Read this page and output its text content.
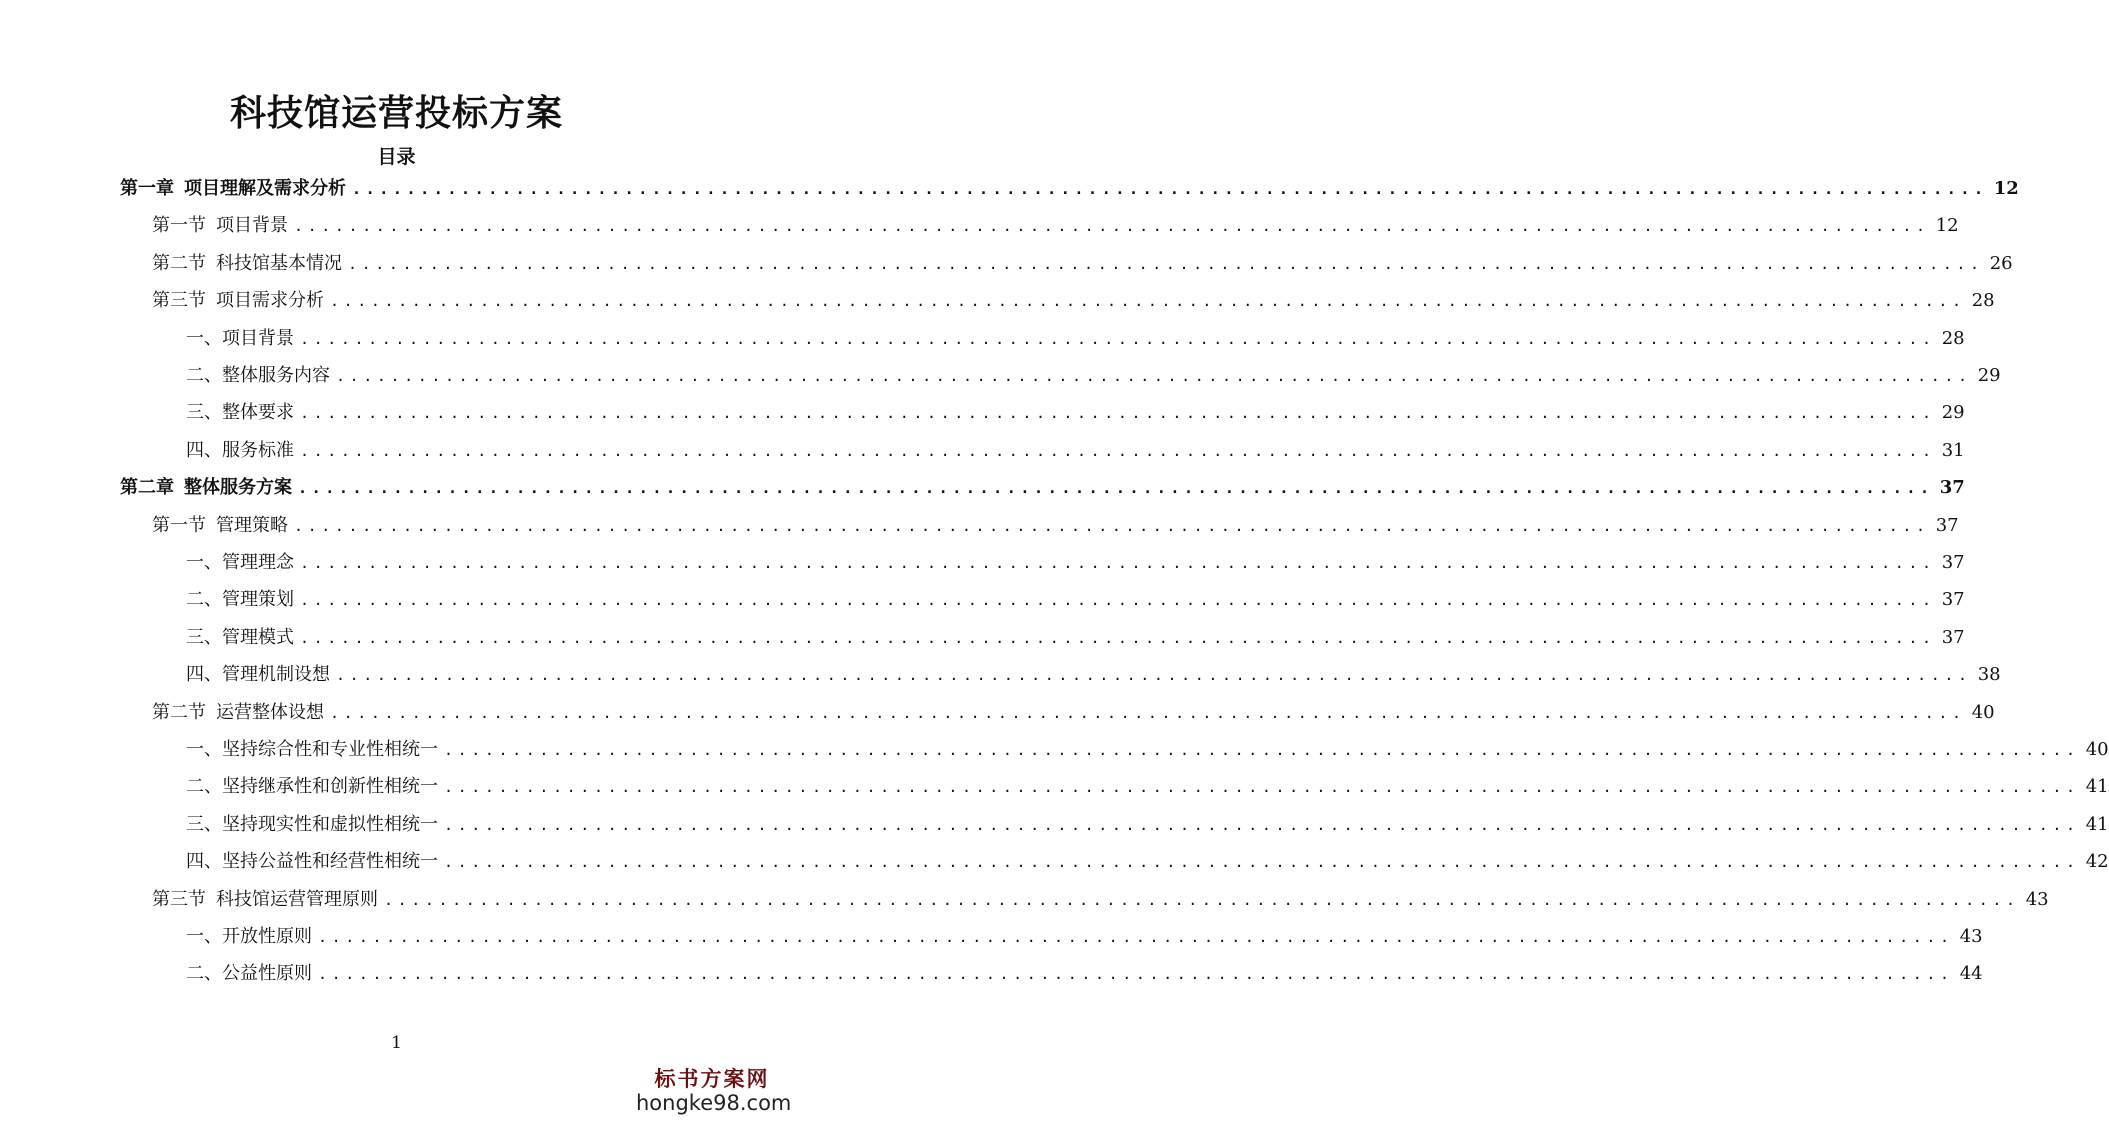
科技馆运营投标方案
目录
第一章 项目理解及需求分析 ........................................................................................................................ 12
第一节 项目背景 ........................................................................................................................ 12
第二节 科技馆基本情况 ........................................................................................................................ 26
第三节 项目需求分析 ........................................................................................................................ 28
一、项目背景 ........................................................................................................................ 28
二、整体服务内容 ........................................................................................................................ 29
三、整体要求 ........................................................................................................................ 29
四、服务标准 ........................................................................................................................ 31
第二章 整体服务方案 ........................................................................................................................ 37
第一节 管理策略 ........................................................................................................................ 37
一、管理理念 ........................................................................................................................ 37
二、管理策划 ........................................................................................................................ 37
三、管理模式 ........................................................................................................................ 37
四、管理机制设想 ........................................................................................................................ 38
第二节 运营整体设想 ........................................................................................................................ 40
一、坚持综合性和专业性相统一 ........................................................................................................................ 40
二、坚持继承性和创新性相统一 ........................................................................................................................ 41
三、坚持现实性和虚拟性相统一 ........................................................................................................................ 41
四、坚持公益性和经营性相统一 ........................................................................................................................ 42
第三节 科技馆运营管理原则 ........................................................................................................................ 43
一、开放性原则 ........................................................................................................................ 43
二、公益性原则 ........................................................................................................................ 44
1
标书方案网
hongke98.com
